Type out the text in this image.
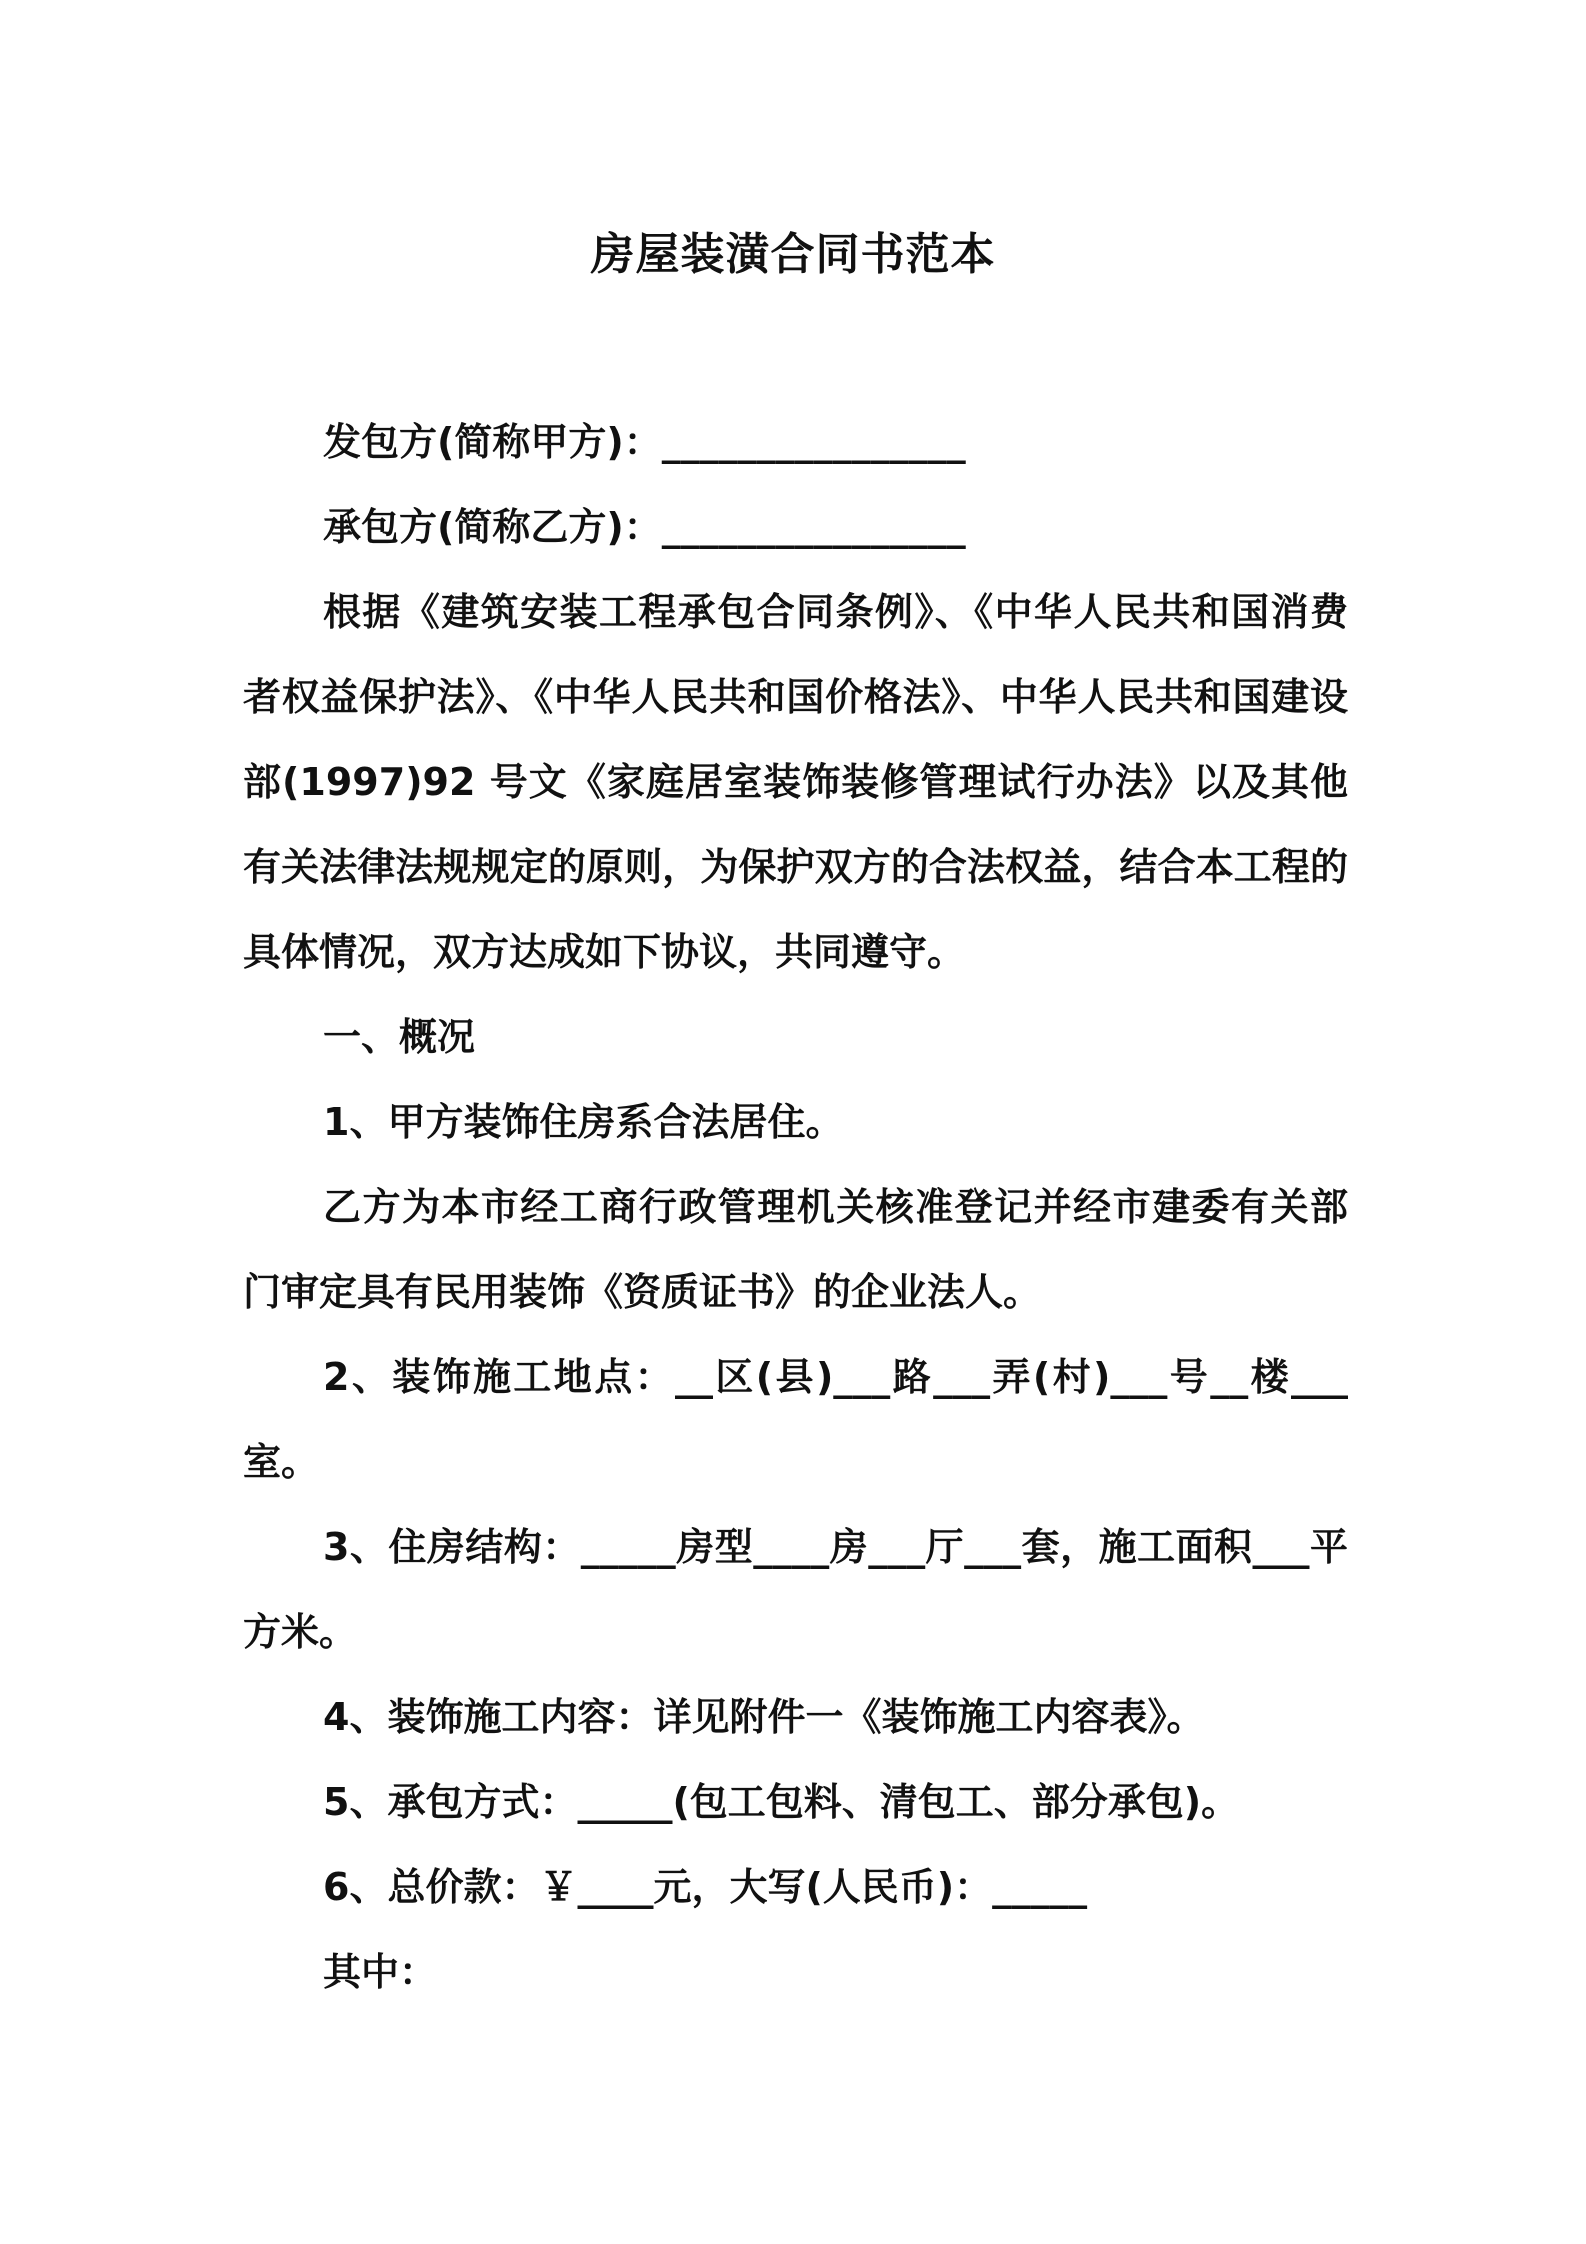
房屋装潢合同书范本

发包方(简称甲方)：________________

承包方(简称乙方)：________________

根据《建筑安装工程承包合同条例》、《中华人民共和国消费者权益保护法》、《中华人民共和国价格法》、中华人民共和国建设部(1997)92 号文《家庭居室装饰装修管理试行办法》以及其他有关法律法规规定的原则，为保护双方的合法权益，结合本工程的具体情况，双方达成如下协议，共同遵守。

一、概况

1、甲方装饰住房系合法居住。

乙方为本市经工商行政管理机关核准登记并经市建委有关部门审定具有民用装饰《资质证书》的企业法人。

2、装饰施工地点：__区(县)___路___弄(村)___号__楼___室。

3、住房结构：_____房型____房___厅___套，施工面积___平方米。

4、装饰施工内容：详见附件一《装饰施工内容表》。

5、承包方式：_____(包工包料、清包工、部分承包)。

6、总价款：￥____元，大写(人民币)：_____

其中：
